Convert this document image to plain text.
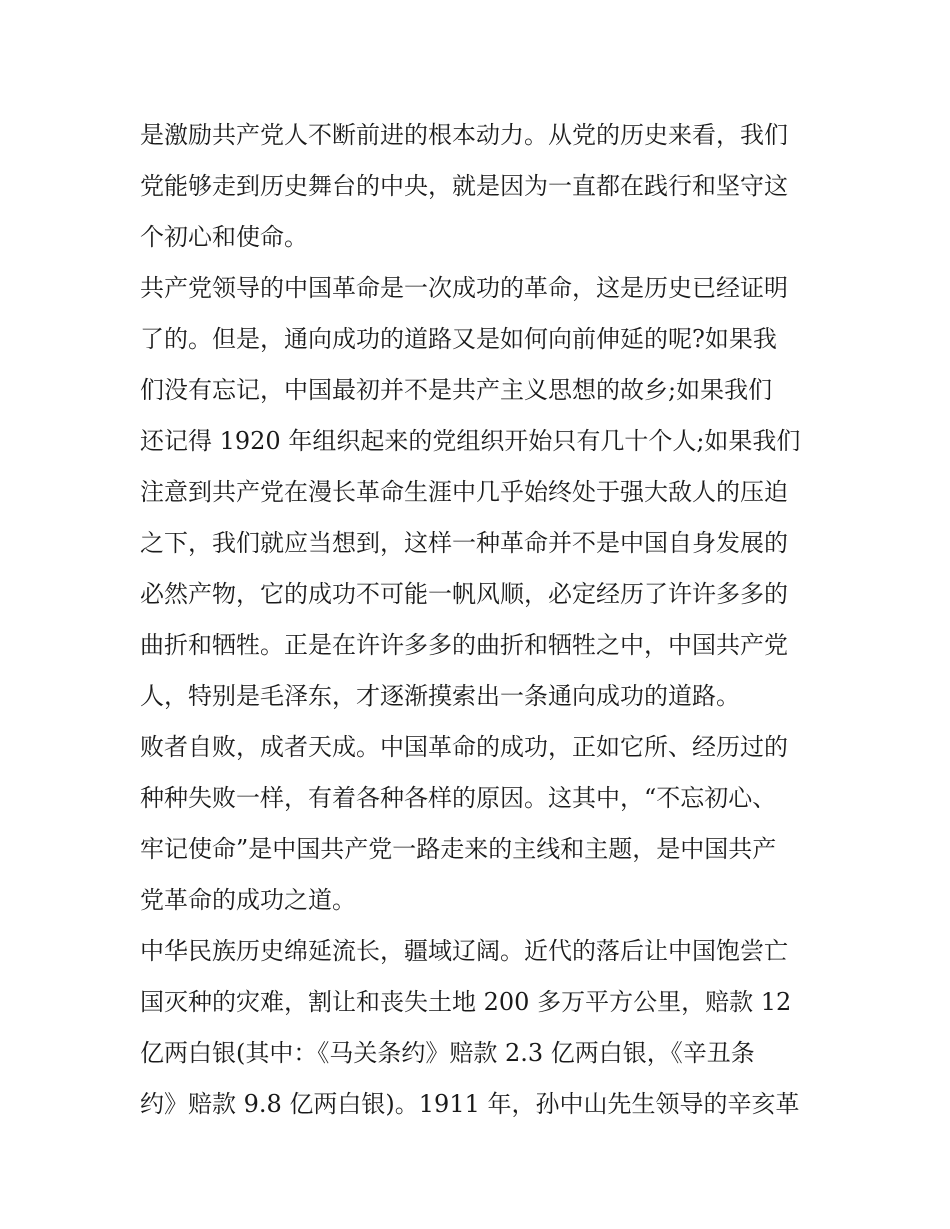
是激励共产党人不断前进的根本动力。从党的历史来看，我们
党能够走到历史舞台的中央，就是因为一直都在践行和坚守这
个初心和使命。
共产党领导的中国革命是一次成功的革命，这是历史已经证明
了的。但是，通向成功的道路又是如何向前伸延的呢?如果我
们没有忘记，中国最初并不是共产主义思想的故乡;如果我们
还记得 1920 年组织起来的党组织开始只有几十个人;如果我们
注意到共产党在漫长革命生涯中几乎始终处于强大敌人的压迫
之下，我们就应当想到，这样一种革命并不是中国自身发展的
必然产物，它的成功不可能一帆风顺，必定经历了许许多多的
曲折和牺牲。正是在许许多多的曲折和牺牲之中，中国共产党
人，特别是毛泽东，才逐渐摸索出一条通向成功的道路。
败者自败，成者天成。中国革命的成功，正如它所、经历过的
种种失败一样，有着各种各样的原因。这其中，“不忘初心、
牢记使命”是中国共产党一路走来的主线和主题，是中国共产
党革命的成功之道。
中华民族历史绵延流长，疆域辽阔。近代的落后让中国饱尝亡
国灭种的灾难，割让和丧失土地 200 多万平方公里，赔款 12
亿两白银(其中：《马关条约》赔款 2.3 亿两白银，《辛丑条
约》赔款 9.8 亿两白银)。1911 年，孙中山先生领导的辛亥革
